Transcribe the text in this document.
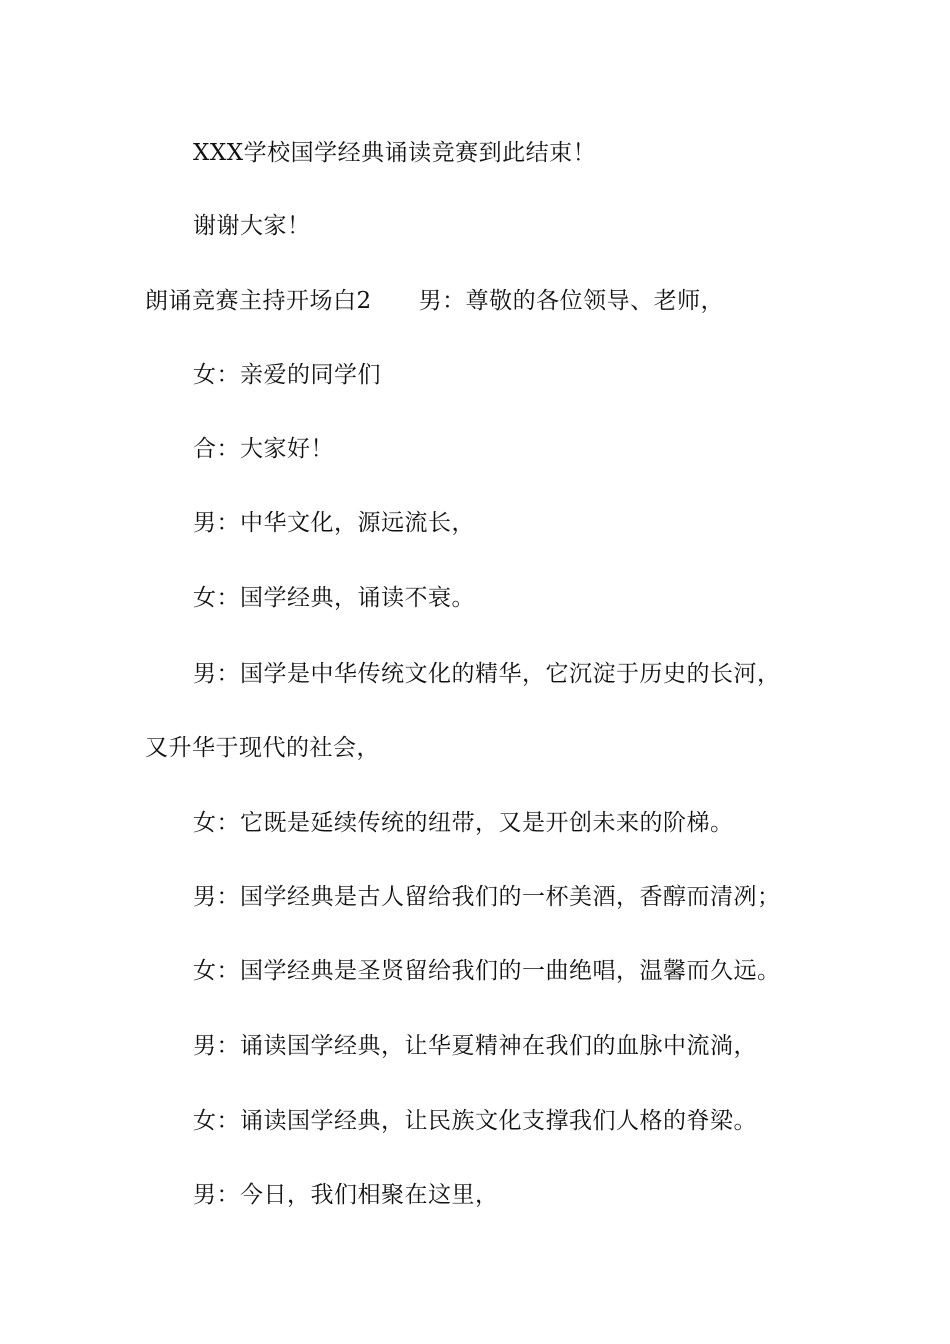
XXX学校国学经典诵读竞赛到此结束！
谢谢大家！
朗诵竞赛主持开场白2　　男：尊敬的各位领导、老师，
女：亲爱的同学们
合：大家好！
男：中华文化，源远流长，
女：国学经典，诵读不衰。
男：国学是中华传统文化的精华，它沉淀于历史的长河，
又升华于现代的社会，
女：它既是延续传统的纽带，又是开创未来的阶梯。
男：国学经典是古人留给我们的一杯美酒，香醇而清冽；
女：国学经典是圣贤留给我们的一曲绝唱，温馨而久远。
男：诵读国学经典，让华夏精神在我们的血脉中流淌，
女：诵读国学经典，让民族文化支撑我们人格的脊梁。
男：今日，我们相聚在这里，
